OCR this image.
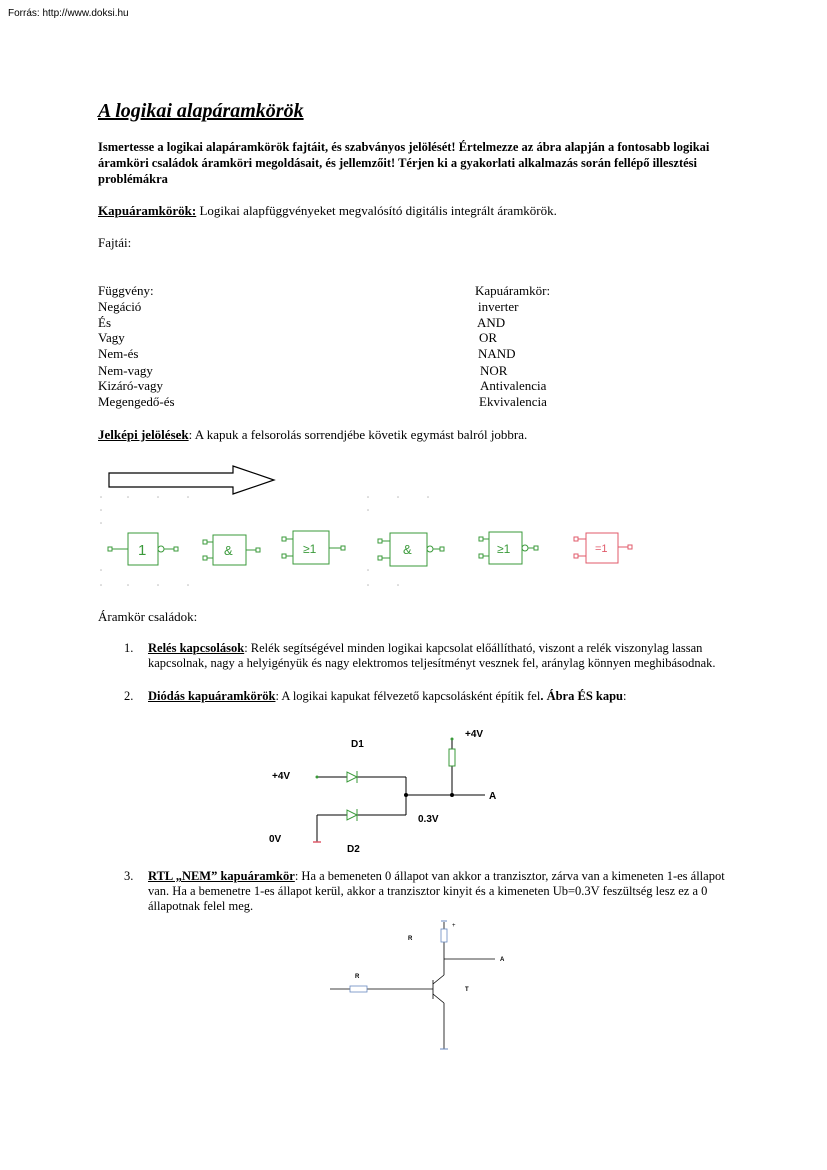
Forrás: http://www.doksi.hu
A logikai alapáramkörök
Ismertesse a logikai alapáramkörök fajtáit, és szabványos jelölését! Értelmezze az ábra alapján a fontosabb logikai áramköri családok áramköri megoldásait, és jellemzőit! Térjen ki a gyakorlati alkalmazás során fellépő illesztési problémákra
Kapuáramkörök: Logikai alapfüggvényeket megvalósító digitális integrált áramkörök.
Fajtái:
Függvény:	Kapuáramkör:
Negáció	inverter
És	AND
Vagy	OR
Nem-és	NAND
Nem-vagy	NOR
Kizáró-vagy	Antivalencia
Megengedő-és	Ekvivalencia
Jelképi jelölések: A kapuk a felsorolás sorrendjébe követik egymást balról jobbra.
1	&	≥1	&	≥1	=1
Áramkör családok:
1. Relés kapcsolások: Relék segítségével minden logikai kapcsolat előállítható, viszont a relék viszonylag lassan kapcsolnak, nagy a helyigényük és nagy elektromos teljesítményt vesznek fel, aránylag könnyen meghibásodnak.
2. Diódás kapuáramkörök: A logikai kapukat félvezető kapcsolásként építik fel. Ábra ÉS kapu:
+4V
D1
+4V
A
0.3V
0V
D2
3. RTL „NEM” kapuáramkör: Ha a bemeneten 0 állapot van akkor a tranzisztor, zárva van a kimeneten 1-es állapot van. Ha a bemenetre 1-es állapot kerül, akkor a tranzisztor kinyit és a kimeneten Ub=0.3V feszültség lesz ez a 0 állapotnak felel meg.
R
+
A
R
T
